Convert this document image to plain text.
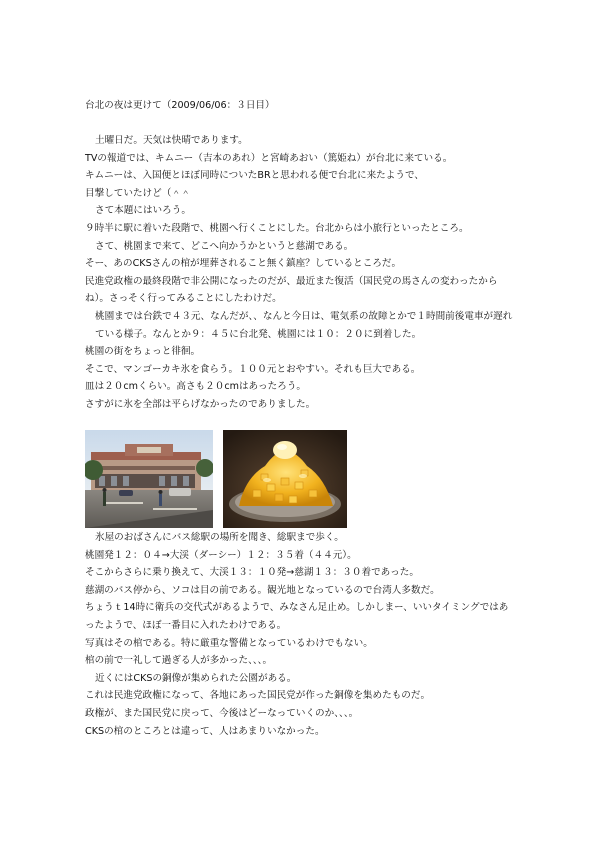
台北の夜は更けて（2009/06/06：３日目）
土曜日だ。天気は快晴であります。
TVの報道では、キムニー（吉本のあれ）と宮崎あおい（篤姫ね）が台北に来ている。
キムニーは、入国便とほぼ同時についたBRと思われる便で台北に来たようで、
目撃していたけど（＾＾
さて本題にはいろう。
９時半に駅に着いた段階で、桃園へ行くことにした。台北からは小旅行といったところ。
さて、桃園まで来て、どこへ向かうかというと慈湖である。
そー、あのCKSさんの棺が埋葬されること無く鎮座？しているところだ。
民進党政権の最終段階で非公開になったのだが、最近また復活（国民党の馬さんの変わったからね）。さっそく行ってみることにしたわけだ。
桃園までは台鉄で４３元、なんだが、、なんと今日は、電気系の故障とかで１時間前後電車が遅れている様子。なんとか９：４５に台北発、桃園には１０：２０に到着した。
桃園の街をちょっと徘徊。
そこで、マンゴーカキ氷を食らう。１００元とおやすい。それも巨大である。
皿は２０cmくらい。高さも２０cmはあったろう。
さすがに氷を全部は平らげなかったのでありました。
氷屋のおばさんにバス総駅の場所を聞き、総駅まで歩く。
桃園発１２：０４→大渓（ダーシー）１２：３５着（４４元）。
そこからさらに乗り換えて、大渓１３：１０発→慈湖１３：３０着であった。
慈湖のバス停から、ソコは目の前である。観光地となっているので台湾人多数だ。
ちょうｔ14時に衛兵の交代式があるようで、みなさん足止め。しかしまー、いいタイミングではあったようで、ほぼ一番目に入れたわけである。
写真はその棺である。特に厳重な警備となっているわけでもない。
棺の前で一礼して過ぎる人が多かった、、、。
近くにはCKSの銅像が集められた公園がある。
これは民進党政権になって、各地にあった国民党が作った銅像を集めたものだ。
政権が、また国民党に戻って、今後はどーなっていくのか、、、。
CKSの棺のところとは違って、人はあまりいなかった。
